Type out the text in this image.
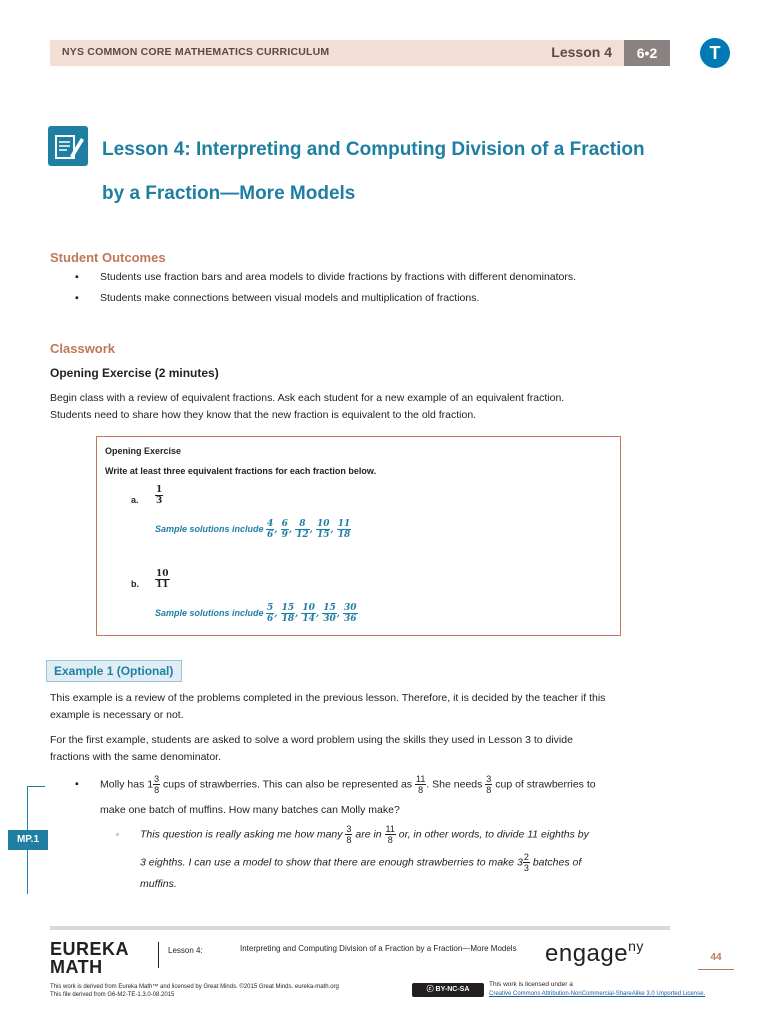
NYS COMMON CORE MATHEMATICS CURRICULUM	Lesson 4	6•2	T
Lesson 4: Interpreting and Computing Division of a Fraction
by a Fraction—More Models
Student Outcomes
▪ Students use fraction bars and area models to divide fractions by fractions with different denominators.
▪ Students make connections between visual models and multiplication of fractions.
Classwork
Opening Exercise (2 minutes)
Begin class with a review of equivalent fractions. Ask each student for a new example of an equivalent fraction.
Students need to share how they know that the new fraction is equivalent to the old fraction.
Opening Exercise
Write at least three equivalent fractions for each fraction below.
a. $\frac{1}{3}$
Sample solutions include $\frac{4}{6}$ , $\frac{6}{9}$ , $\frac{8}{12}$ , $\frac{10}{15}$ , $\frac{11}{18}$
b. $\frac{10}{11}$
Sample solutions include $\frac{5}{6}$ , $\frac{15}{18}$ , $\frac{10}{14}$ , $\frac{15}{30}$ , $\frac{30}{36}$
Example 1 (Optional)
This example is a review of the problems completed in the previous lesson. Therefore, it is decided by the teacher if this
example is necessary or not.
For the first example, students are asked to solve a word problem using the skills they used in Lesson 3 to divide
fractions with the same denominator.
▪ Molly has $1 \frac{3}{8}$ cups of strawberries. This can also be represented as $\frac{11}{8}$ . She needs $\frac{3}{8}$ cup of strawberries to
make one batch of muffins. How many batches can Molly make?
▫ This question is really asking me how many $\frac{3}{8}$ are in $\frac{11}{8}$ or, in other words, to divide 11 eighths by
3 eighths. I can use a model to show that there are enough strawberries to make $3 \frac{2}{3}$ batches of
muffins.
MP.1
EUREKA
MATH
Lesson 4:	Interpreting and Computing Division of a Fraction by a Fraction—More Models	engage$^{ny}$
44
This work is derived from Eureka Math™ and licensed by Great Minds. ©2015 Great Minds. eureka-math.org
This file derived from G6-M2-TE-1.3.0-08.2015
ⓒ BY-NC-SA
This work is licensed under a
Creative Commons Attribution-NonCommercial-ShareAlike 3.0 Unported License.
